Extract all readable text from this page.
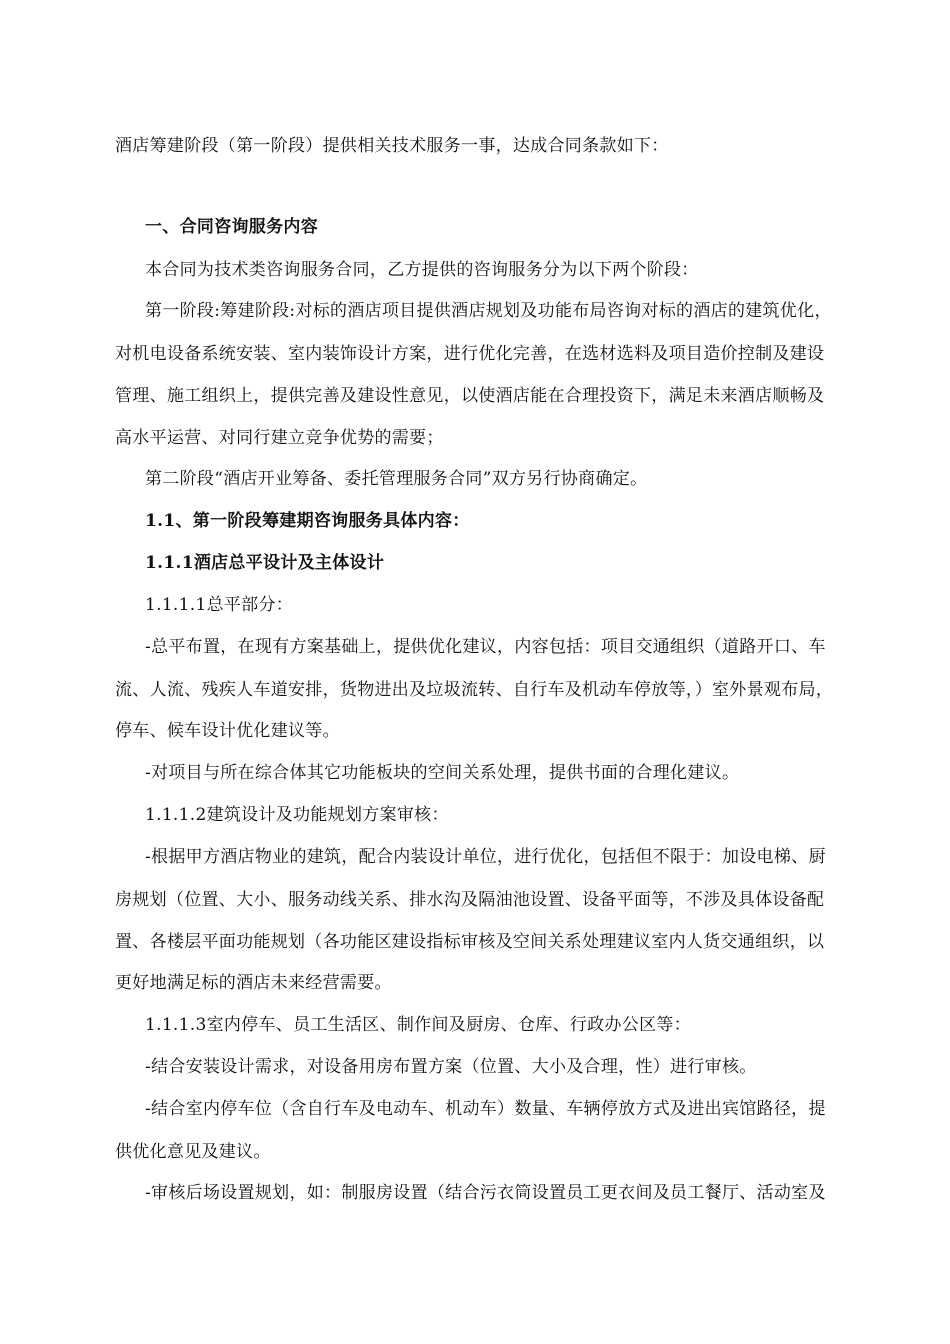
酒店筹建阶段（第一阶段）提供相关技术服务一事，达成合同条款如下：
一、合同咨询服务内容
本合同为技术类咨询服务合同，乙方提供的咨询服务分为以下两个阶段：
第一阶段:筹建阶段:对标的酒店项目提供酒店规划及功能布局咨询对标的酒店的建筑优化，
对机电设备系统安装、室内装饰设计方案，进行优化完善，在选材选料及项目造价控制及建设
管理、施工组织上，提供完善及建设性意见，以使酒店能在合理投资下，满足未来酒店顺畅及
高水平运营、对同行建立竞争优势的需要；
第二阶段“酒店开业筹备、委托管理服务合同”双方另行协商确定。
1.1、第一阶段筹建期咨询服务具体内容：
1.1.1酒店总平设计及主体设计
1.1.1.1总平部分：
-总平布置，在现有方案基础上，提供优化建议，内容包括：项目交通组织（道路开口、车
流、人流、残疾人车道安排，货物进出及垃圾流转、自行车及机动车停放等，）室外景观布局，
停车、候车设计优化建议等。
-对项目与所在综合体其它功能板块的空间关系处理，提供书面的合理化建议。
1.1.1.2建筑设计及功能规划方案审核：
-根据甲方酒店物业的建筑，配合内装设计单位，进行优化，包括但不限于：加设电梯、厨
房规划（位置、大小、服务动线关系、排水沟及隔油池设置、设备平面等，不涉及具体设备配
置、各楼层平面功能规划（各功能区建设指标审核及空间关系处理建议室内人货交通组织，以
更好地满足标的酒店未来经营需要。
1.1.1.3室内停车、员工生活区、制作间及厨房、仓库、行政办公区等：
-结合安装设计需求，对设备用房布置方案（位置、大小及合理，性）进行审核。
-结合室内停车位（含自行车及电动车、机动车）数量、车辆停放方式及进出宾馆路径，提
供优化意见及建议。
-审核后场设置规划，如：制服房设置（结合污衣筒设置员工更衣间及员工餐厅、活动室及
